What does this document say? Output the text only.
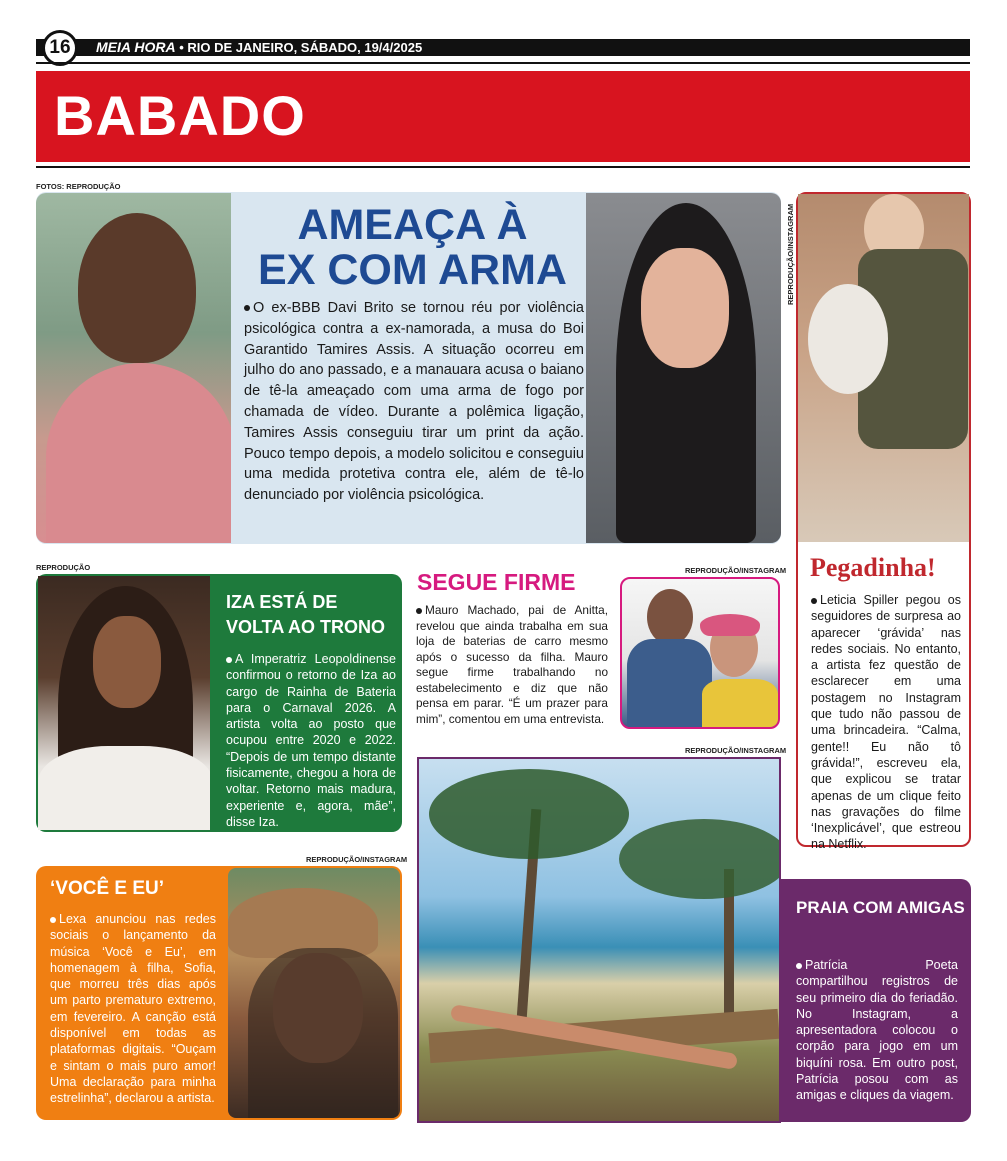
16	MEIA HORA • RIO DE JANEIRO, SÁBADO, 19/4/2025
BABADO
FOTOS: REPRODUÇÃO
AMEAÇA À
EX COM ARMA
O ex-BBB Davi Brito se tornou réu por violência psicológica contra a ex-namorada, a musa do Boi Garantido Tamires Assis. A situação ocorreu em julho do ano passado, e a manauara acusa o baiano de tê-la ameaçado com uma arma de fogo por chamada de vídeo. Durante a polêmica ligação, Tamires Assis conseguiu tirar um print da ação. Pouco tempo depois, a modelo solicitou e conseguiu uma medida protetiva contra ele, além de tê-lo denunciado por violência psicológica.
REPRODUÇÃO/INSTAGRAM
Pegadinha!
Leticia Spiller pegou os seguidores de surpresa ao aparecer ‘grávida’ nas redes sociais. No entanto, a artista fez questão de esclarecer em uma postagem no Instagram que tudo não passou de uma brincadeira. “Calma, gente!! Eu não tô grávida!”, escreveu ela, que explicou se tratar apenas de um clique feito nas gravações do filme ‘Inexplicável’, que estreou na Netflix.
REPRODUÇÃO
IZA ESTÁ DE VOLTA AO TRONO
A Imperatriz Leopoldinense confirmou o retorno de Iza ao cargo de Rainha de Bateria para o Carnaval 2026. A artista volta ao posto que ocupou entre 2020 e 2022. “Depois de um tempo distante fisicamente, chegou a hora de voltar. Retorno mais madura, experiente e, agora, mãe”, disse Iza.
SEGUE FIRME
Mauro Machado, pai de Anitta, revelou que ainda trabalha em sua loja de baterias de carro mesmo após o sucesso da filha. Mauro segue firme trabalhando no estabelecimento e diz que não pensa em parar. “É um prazer para mim”, comentou em uma entrevista.
REPRODUÇÃO/INSTAGRAM
REPRODUÇÃO/INSTAGRAM
REPRODUÇÃO/INSTAGRAM
‘VOCÊ E EU’
Lexa anunciou nas redes sociais o lançamento da música ‘Você e Eu’, em homenagem à filha, Sofia, que morreu três dias após um parto prematuro extremo, em fevereiro. A canção está disponível em todas as plataformas digitais. “Ouçam e sintam o mais puro amor! Uma declaração para minha estrelinha”, declarou a artista.
PRAIA COM AMIGAS
Patrícia Poeta compartilhou registros de seu primeiro dia do feriadão. No Instagram, a apresentadora colocou o corpão para jogo em um biquíni rosa. Em outro post, Patrícia posou com as amigas e cliques da viagem.
